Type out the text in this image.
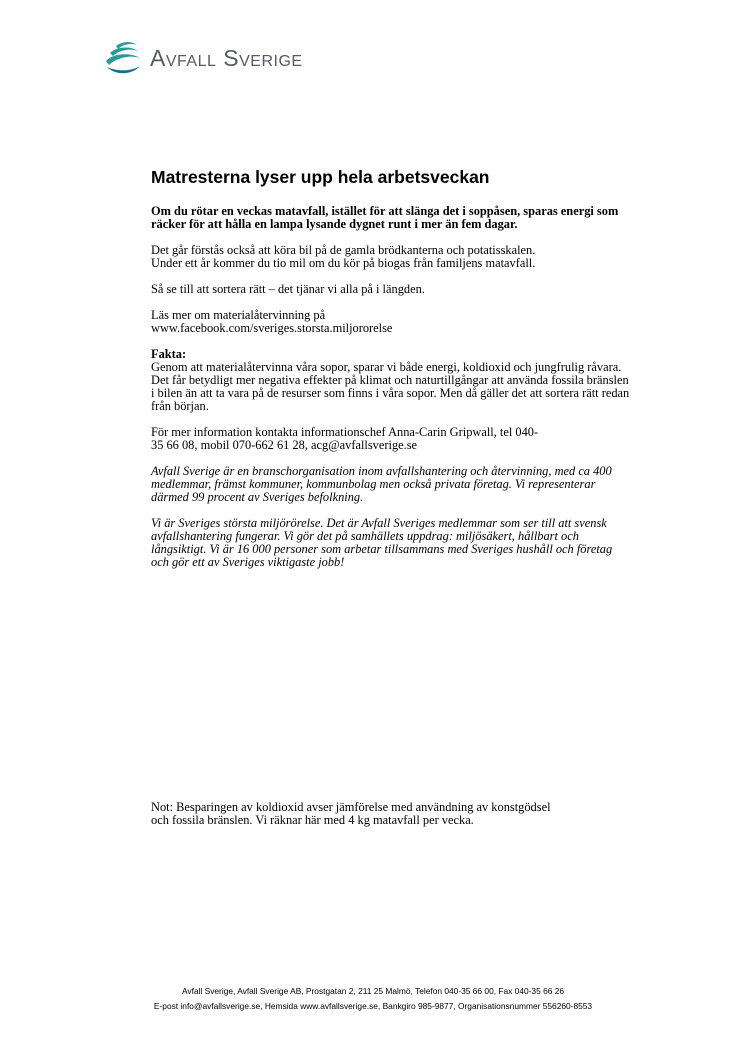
Avfall Sverige
Matresterna lyser upp hela arbetsveckan

Om du rötar en veckas matavfall, istället för att slänga det i soppåsen, sparas energi som räcker för att hålla en lampa lysande dygnet runt i mer än fem dagar.

Det går förstås också att köra bil på de gamla brödkanterna och potatisskalen.
Under ett år kommer du tio mil om du kör på biogas från familjens matavfall.

Så se till att sortera rätt – det tjänar vi alla på i längden.

Läs mer om materialåtervinning på
www.facebook.com/sveriges.storsta.miljororelse

Fakta:
Genom att materialåtervinna våra sopor, sparar vi både energi, koldioxid och jungfrulig råvara. Det får betydligt mer negativa effekter på klimat och naturtillgångar att använda fossila bränslen i bilen än att ta vara på de resurser som finns i våra sopor. Men då gäller det att sortera rätt redan från början.

För mer information kontakta informationschef Anna-Carin Gripwall, tel 040-
35 66 08, mobil 070-662 61 28, acg@avfallsverige.se

Avfall Sverige är en branschorganisation inom avfallshantering och återvinning, med ca 400 medlemmar, främst kommuner, kommunbolag men också privata företag. Vi representerar därmed 99 procent av Sveriges befolkning.

Vi är Sveriges största miljörörelse. Det är Avfall Sveriges medlemmar som ser till att svensk avfallshantering fungerar. Vi gör det på samhällets uppdrag: miljösäkert, hållbart och långsiktigt. Vi är 16 000 personer som arbetar tillsammans med Sveriges hushåll och företag och gör ett av Sveriges viktigaste jobb!

Not: Besparingen av koldioxid avser jämförelse med användning av konstgödsel
och fossila bränslen. Vi räknar här med 4 kg matavfall per vecka.

Avfall Sverige, Avfall Sverige AB, Prostgatan 2, 211 25 Malmö, Telefon 040-35 66 00, Fax 040-35 66 26
E-post info@avfallsverige.se, Hemsida www.avfallsverige.se, Bankgiro 985-9877, Organisationsnummer 556260-8553
